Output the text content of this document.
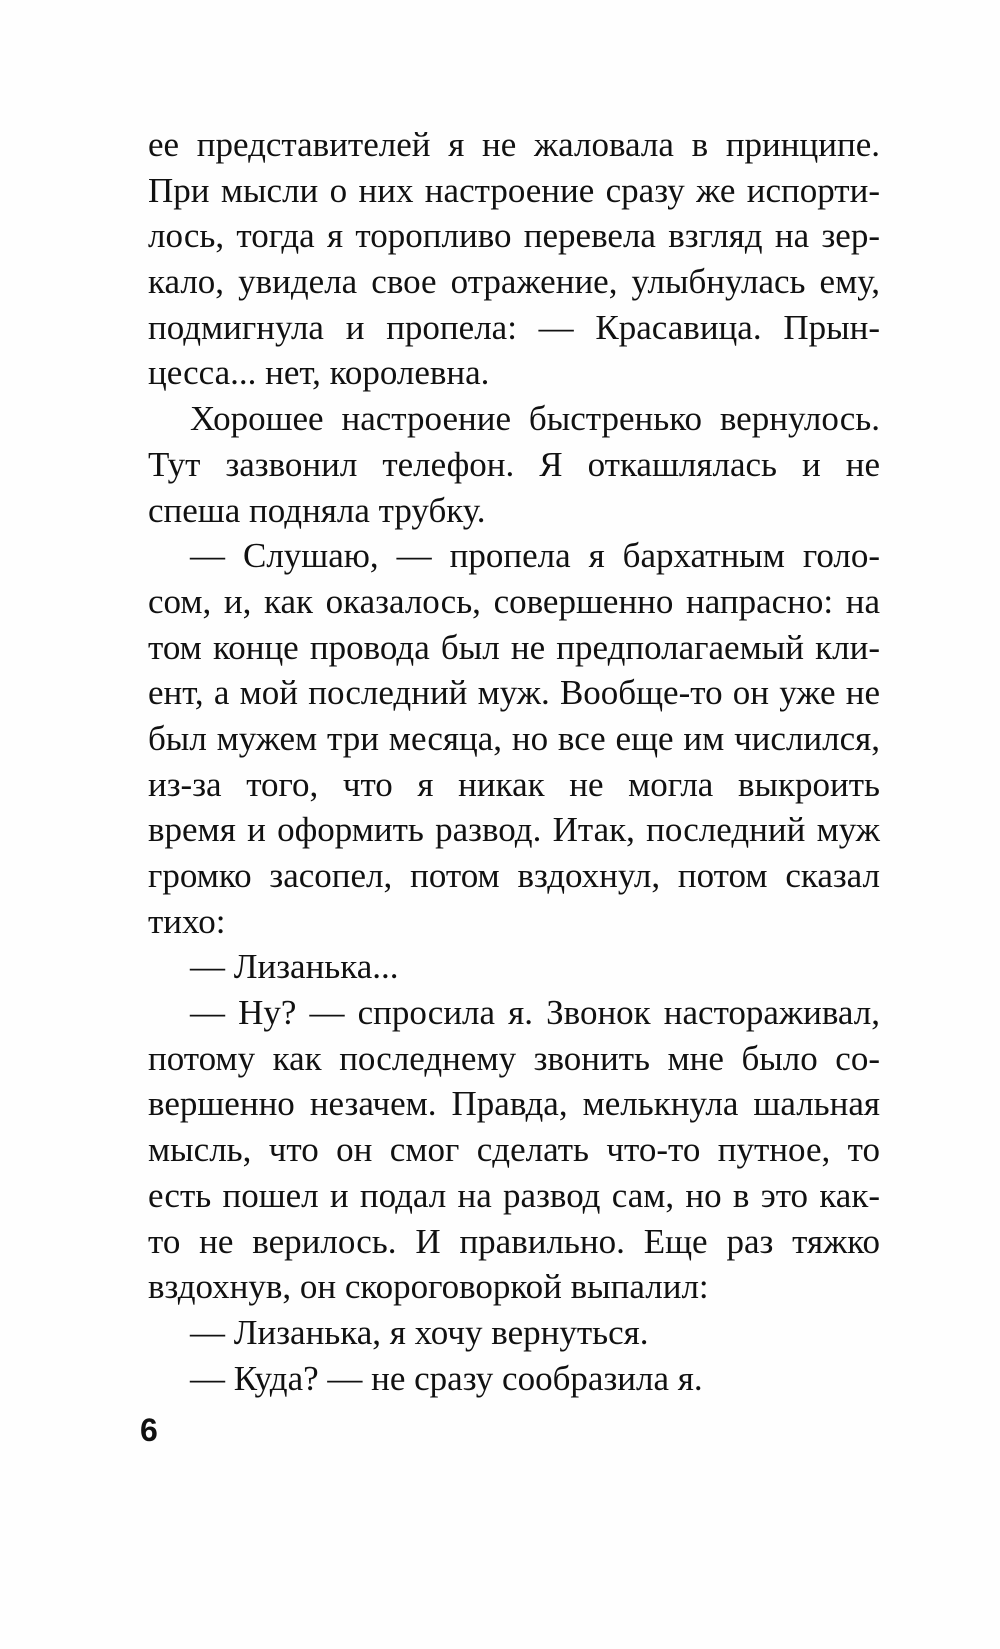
ее представителей я не жаловала в принципе.
При мысли о них настроение сразу же испорти-
лось, тогда я торопливо перевела взгляд на зер-
кало, увидела свое отражение, улыбнулась ему,
подмигнула и пропела: — Красавица. Прын-
цесса... нет, королевна.
Хорошее настроение быстренько вернулось.
Тут зазвонил телефон. Я откашлялась и не
спеша подняла трубку.
— Слушаю, — пропела я бархатным голо-
сом, и, как оказалось, совершенно напрасно: на
том конце провода был не предполагаемый кли-
ент, а мой последний муж. Вообще-то он уже не
был мужем три месяца, но все еще им числился,
из-за того, что я никак не могла выкроить
время и оформить развод. Итак, последний муж
громко засопел, потом вздохнул, потом сказал
тихо:
— Лизанька...
— Ну? — спросила я. Звонок настораживал,
потому как последнему звонить мне было со-
вершенно незачем. Правда, мелькнула шальная
мысль, что он смог сделать что-то путное, то
есть пошел и подал на развод сам, но в это как-
то не верилось. И правильно. Еще раз тяжко
вздохнув, он скороговоркой выпалил:
— Лизанька, я хочу вернуться.
— Куда? — не сразу сообразила я.
6
